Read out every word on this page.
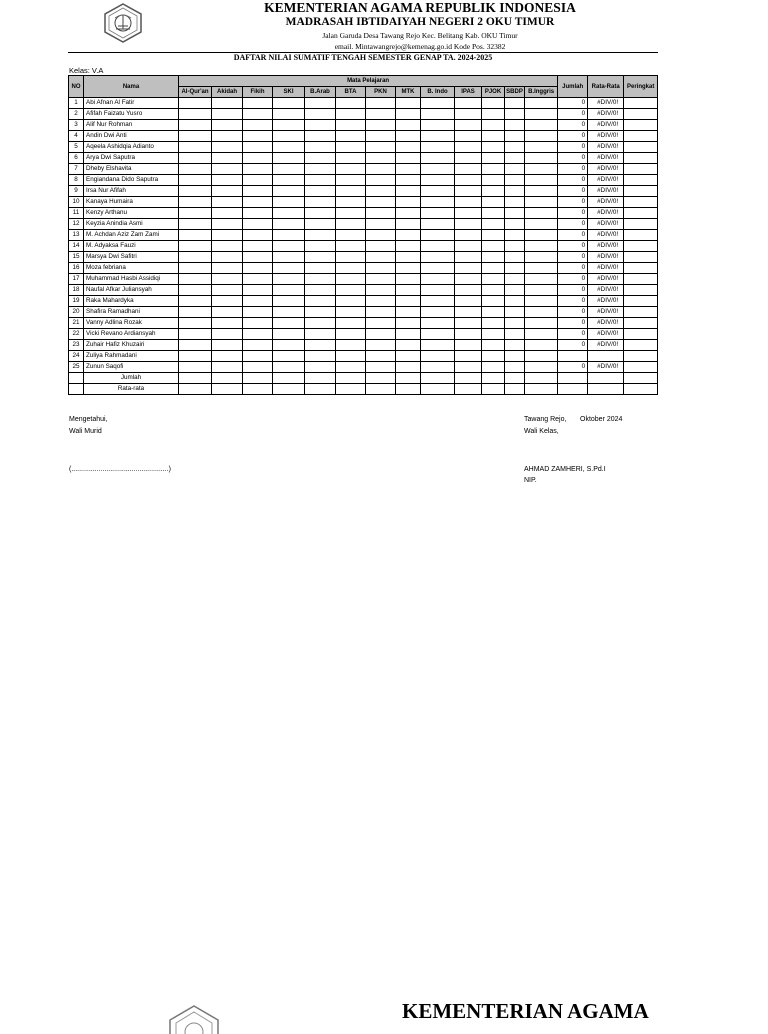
KEMENTERIAN AGAMA REPUBLIK INDONESIA
MADRASAH IBTIDAIYAH NEGERI 2 OKU TIMUR
Jalan Garuda Desa Tawang Rejo Kec. Belitang Kab. OKU Timur
email. Mintawangrejo@kemenag.go.id Kode Pos. 32382
DAFTAR NILAI SUMATIF TENGAH SEMESTER GENAP TA. 2024-2025
Kelas: V.A
NO	Nama	Mata Pelajaran													Jumlah	Rata-Rata	Peringkat
		Al-Qur'an	Akidah	Fikih	SKI	B.Arab	BTA	PKN	MTK	B. Indo	IPAS	PJOK	SBDP	B.Inggris			
1	Abi Afnan Al Fatir														0	#DIV/0!	
2	Afifah Faizatu Yusro														0	#DIV/0!	
3	Alif Nur Rohman														0	#DIV/0!	
4	Andin Dwi Anti														0	#DIV/0!	
5	Aqeela Ashidqia Adianto														0	#DIV/0!	
6	Arya Dwi Saputra														0	#DIV/0!	
7	Dheby Elshavita														0	#DIV/0!	
8	Engiandana Dido Saputra														0	#DIV/0!	
9	Irsa Nur Afifah														0	#DIV/0!	
10	Kanaya Humaira														0	#DIV/0!	
11	Kenzy Arthanu														0	#DIV/0!	
12	Keyzia Anindia Asmi														0	#DIV/0!	
13	M. Achdan Aziz Zam Zami														0	#DIV/0!	
14	M. Adyaksa Fauzi														0	#DIV/0!	
15	Marsya Dwi Safitri														0	#DIV/0!	
16	Moza febriana														0	#DIV/0!	
17	Muhammad Hasbi Assidiqi														0	#DIV/0!	
18	Naufal Afkar Juliansyah														0	#DIV/0!	
19	Raka Mahardyka														0	#DIV/0!	
20	Shafira Ramadhani														0	#DIV/0!	
21	Vanny Adlina Rozak														0	#DIV/0!	
22	Vicki Revano Ardiansyah														0	#DIV/0!	
23	Zuhair Hafiz Khuzairi														0	#DIV/0!	
24	Zuliya Rahmadani																
25	Zunun Saqofi														0	#DIV/0!	
	Jumlah																
	Rata-rata																
Mengetahui,
Wali Murid
(..................................................)
Tawang Rejo, Oktober 2024
Wali Kelas,
AHMAD ZAMHERI, S.Pd.I
NIP.
KEMENTERIAN AGAMA
